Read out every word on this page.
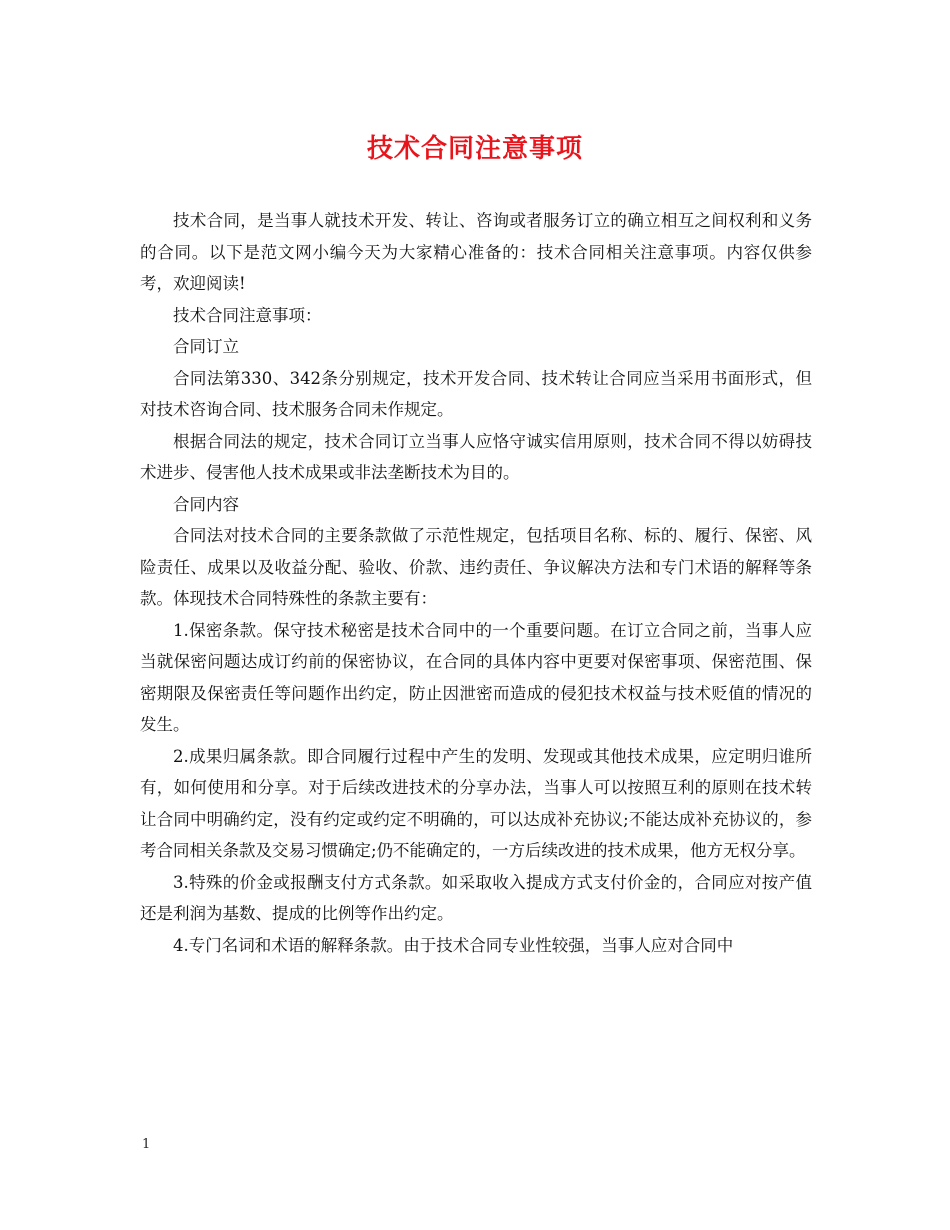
技术合同注意事项

技术合同，是当事人就技术开发、转让、咨询或者服务订立的确立相互之间权利和义务的合同。以下是范文网小编今天为大家精心准备的：技术合同相关注意事项。内容仅供参考，欢迎阅读!

技术合同注意事项：

合同订立

合同法第330、342条分别规定，技术开发合同、技术转让合同应当采用书面形式，但对技术咨询合同、技术服务合同未作规定。

根据合同法的规定，技术合同订立当事人应恪守诚实信用原则，技术合同不得以妨碍技术进步、侵害他人技术成果或非法垄断技术为目的。

合同内容

合同法对技术合同的主要条款做了示范性规定，包括项目名称、标的、履行、保密、风险责任、成果以及收益分配、验收、价款、违约责任、争议解决方法和专门术语的解释等条款。体现技术合同特殊性的条款主要有：

1.保密条款。保守技术秘密是技术合同中的一个重要问题。在订立合同之前，当事人应当就保密问题达成订约前的保密协议，在合同的具体内容中更要对保密事项、保密范围、保密期限及保密责任等问题作出约定，防止因泄密而造成的侵犯技术权益与技术贬值的情况的发生。

2.成果归属条款。即合同履行过程中产生的发明、发现或其他技术成果，应定明归谁所有，如何使用和分享。对于后续改进技术的分享办法，当事人可以按照互利的原则在技术转让合同中明确约定，没有约定或约定不明确的，可以达成补充协议;不能达成补充协议的，参考合同相关条款及交易习惯确定;仍不能确定的，一方后续改进的技术成果，他方无权分享。

3.特殊的价金或报酬支付方式条款。如采取收入提成方式支付价金的，合同应对按产值还是利润为基数、提成的比例等作出约定。

4.专门名词和术语的解释条款。由于技术合同专业性较强，当事人应对合同中

1
